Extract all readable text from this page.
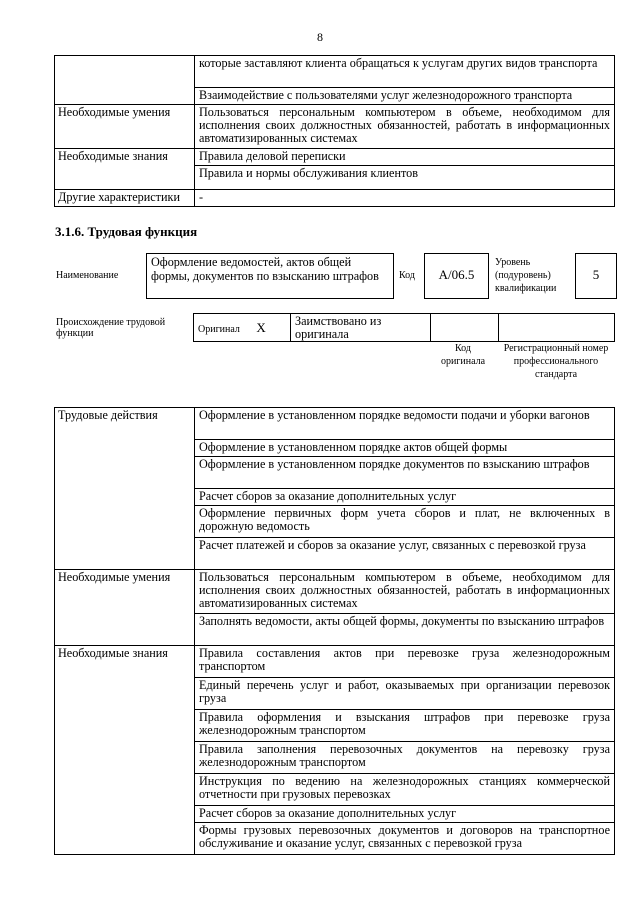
8
	которые заставляют клиента обращаться к услугам других видов транспорта
	Взаимодействие с пользователями услуг железнодорожного транспорта
Необходимые умения	Пользоваться персональным компьютером в объеме, необходимом для исполнения своих должностных обязанностей, работать в информационных автоматизированных системах
Необходимые знания	Правила деловой переписки
	Правила и нормы обслуживания клиентов
Другие характеристики	-
3.1.6. Трудовая функция
Наименование
Оформление ведомостей, актов общей формы, документов по взысканию штрафов	Код	А/06.5
Уровень (подуровень) квалификации
5
Происхождение трудовой функции	Оригинал X	Заимствовано из оригинала		
Код оригинала
Регистрационный номер профессионального стандарта
Трудовые действия	Оформление в установленном порядке ведомости подачи и уборки вагонов
	Оформление в установленном порядке актов общей формы
	Оформление в установленном порядке документов по взысканию штрафов
	Расчет сборов за оказание дополнительных услуг
	Оформление первичных форм учета сборов и плат, не включенных в дорожную ведомость
	Расчет платежей и сборов за оказание услуг, связанных с перевозкой груза
Необходимые умения	Пользоваться персональным компьютером в объеме, необходимом для исполнения своих должностных обязанностей, работать в информационных автоматизированных системах
	Заполнять ведомости, акты общей формы, документы по взысканию штрафов
Необходимые знания	Правила составления актов при перевозке груза железнодорожным транспортом
	Единый перечень услуг и работ, оказываемых при организации перевозок груза
	Правила оформления и взыскания штрафов при перевозке груза железнодорожным транспортом
	Правила заполнения перевозочных документов на перевозку груза железнодорожным транспортом
	Инструкция по ведению на железнодорожных станциях коммерческой отчетности при грузовых перевозках
	Расчет сборов за оказание дополнительных услуг
	Формы грузовых перевозочных документов и договоров на транспортное обслуживание и оказание услуг, связанных с перевозкой груза
